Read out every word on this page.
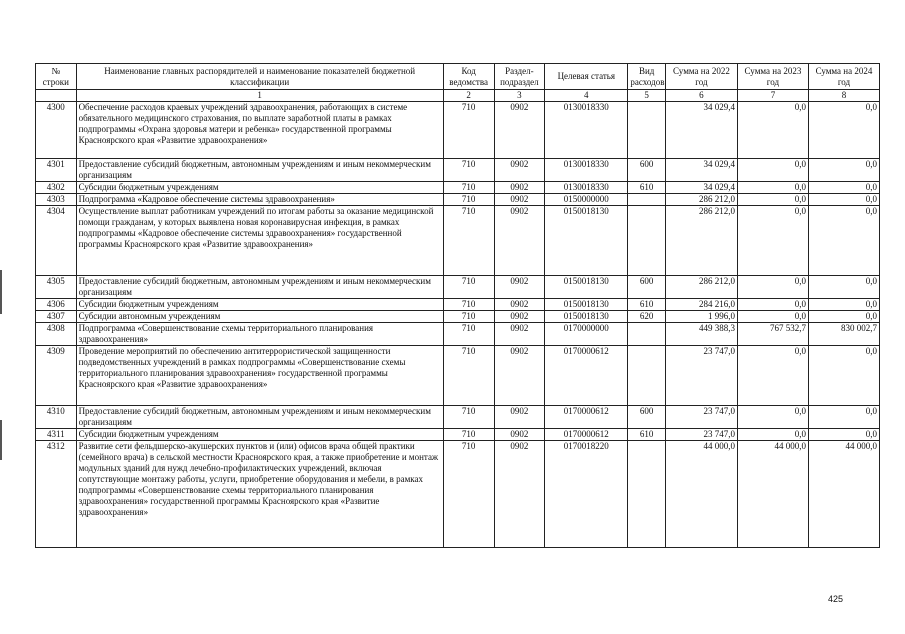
№ строки	Наименование главных распорядителей и наименование показателей бюджетной классификации	Код ведомства	Раздел-подраздел	Целевая статья	Вид расходов	Сумма на 2022 год	Сумма на 2023 год	Сумма на 2024 год
	1	2	3	4	5	6	7	8
4300	Обеспечение расходов краевых учреждений здравоохранения, работающих в системе обязательного медицинского страхования, по выплате заработной платы в рамках подпрограммы «Охрана здоровья матери и ребенка» государственной программы Красноярского края «Развитие здравоохранения»	710	0902	0130018330		34 029,4	0,0	0,0
4301	Предоставление субсидий бюджетным, автономным учреждениям и иным некоммерческим организациям	710	0902	0130018330	600	34 029,4	0,0	0,0
4302	Субсидии бюджетным учреждениям	710	0902	0130018330	610	34 029,4	0,0	0,0
4303	Подпрограмма «Кадровое обеспечение системы здравоохранения»	710	0902	0150000000		286 212,0	0,0	0,0
4304	Осуществление выплат работникам учреждений по итогам работы за оказание медицинской помощи гражданам, у которых выявлена новая коронавирусная инфекция, в рамках подпрограммы «Кадровое обеспечение системы здравоохранения» государственной программы Красноярского края «Развитие здравоохранения»	710	0902	0150018130		286 212,0	0,0	0,0
4305	Предоставление субсидий бюджетным, автономным учреждениям и иным некоммерческим организациям	710	0902	0150018130	600	286 212,0	0,0	0,0
4306	Субсидии бюджетным учреждениям	710	0902	0150018130	610	284 216,0	0,0	0,0
4307	Субсидии автономным учреждениям	710	0902	0150018130	620	1 996,0	0,0	0,0
4308	Подпрограмма «Совершенствование схемы территориального планирования здравоохранения»	710	0902	0170000000		449 388,3	767 532,7	830 002,7
4309	Проведение мероприятий по обеспечению антитеррористической защищенности подведомственных учреждений в рамках подпрограммы «Совершенствование схемы территориального планирования здравоохранения» государственной программы Красноярского края «Развитие здравоохранения»	710	0902	0170000612		23 747,0	0,0	0,0
4310	Предоставление субсидий бюджетным, автономным учреждениям и иным некоммерческим организациям	710	0902	0170000612	600	23 747,0	0,0	0,0
4311	Субсидии бюджетным учреждениям	710	0902	0170000612	610	23 747,0	0,0	0,0
4312	Развитие сети фельдшерско-акушерских пунктов и (или) офисов врача общей практики (семейного врача) в сельской местности Красноярского края, а также приобретение и монтаж модульных зданий для нужд лечебно-профилактических учреждений, включая сопутствующие монтажу работы, услуги, приобретение оборудования и мебели, в рамках подпрограммы «Совершенствование схемы территориального планирования здравоохранения» государственной программы Красноярского края «Развитие здравоохранения»	710	0902	0170018220		44 000,0	44 000,0	44 000,0
425
